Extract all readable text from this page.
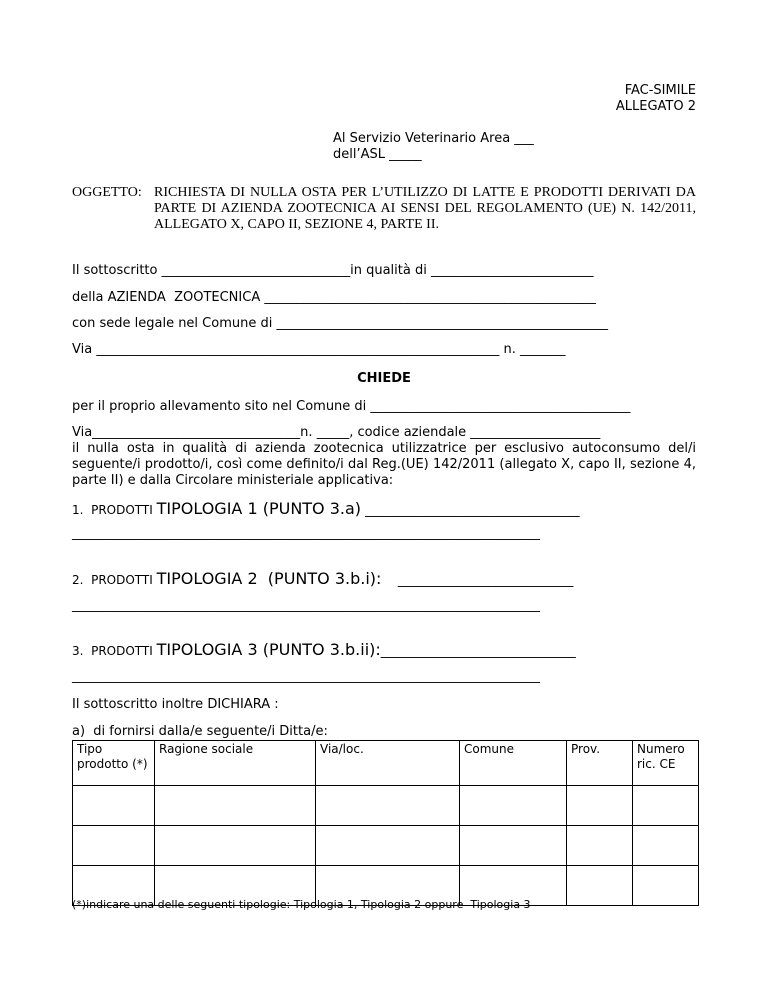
FAC-SIMILE
ALLEGATO 2
Al Servizio Veterinario Area ___
dell’ASL _____
OGGETTO: RICHIESTA DI NULLA OSTA PER L’UTILIZZO DI LATTE E PRODOTTI DERIVATI DA PARTE DI AZIENDA ZOOTECNICA AI SENSI DEL REGOLAMENTO (UE) N. 142/2011, ALLEGATO X, CAPO II, SEZIONE 4, PARTE II.
Il sottoscritto _____________________________in qualità di _________________________
della AZIENDA  ZOOTECNICA ___________________________________________________
con sede legale nel Comune di ___________________________________________________
Via ______________________________________________________________ n. _______
CHIEDE
per il proprio allevamento sito nel Comune di ________________________________________
Via________________________________n. _____, codice aziendale ____________________
il nulla osta in qualità di azienda zootecnica utilizzatrice per esclusivo autoconsumo del/i seguente/i prodotto/i, così come definito/i dal Reg.(UE) 142/2011 (allegato X, capo II, sezione 4, parte II) e dalla Circolare ministeriale applicativa:
1. PRODOTTI TIPOLOGIA 1 (PUNTO 3.a) _________________________________
________________________________________________________________________
2. PRODOTTI TIPOLOGIA 2  (PUNTO 3.b.i):    ___________________________
________________________________________________________________________
3. PRODOTTI TIPOLOGIA 3 (PUNTO 3.b.ii):______________________________
________________________________________________________________________
Il sottoscritto inoltre DICHIARA :
a)  di fornirsi dalla/e seguente/i Ditta/e:
Tipo prodotto (*)	Ragione sociale	Via/loc.	Comune	Prov.	Numero ric. CE

(*)indicare una delle seguenti tipologie: Tipologia 1, Tipologia 2 oppure  Tipologia 3
